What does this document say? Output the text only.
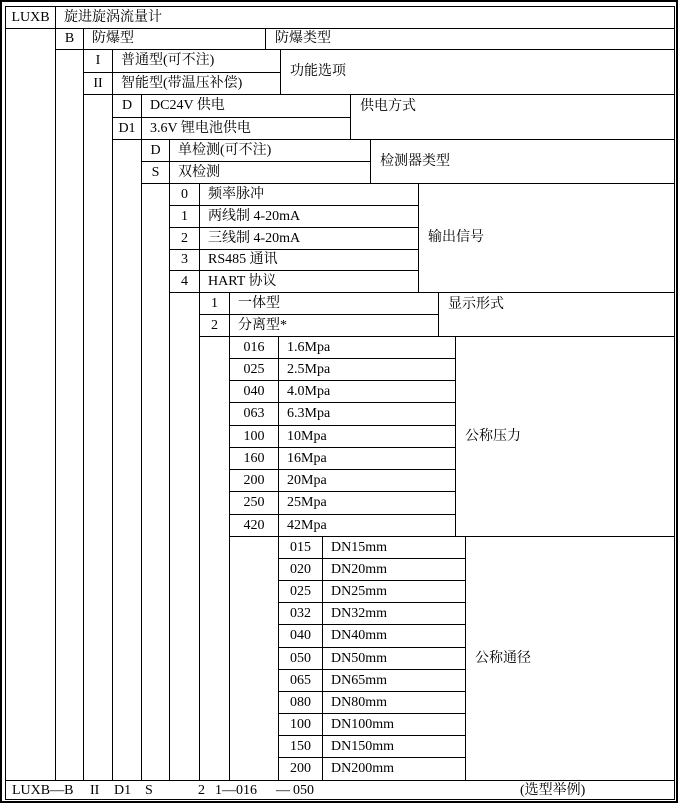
LUXB	旋进旋涡流量计
B	防爆型	防爆类型
I	普通型(可不注)
II	智能型(带温压补偿)
功能选项
D	DC24V 供电
D1	3.6V 锂电池供电
供电方式
D	单检测(可不注)
S	双检测
检测器类型
0	频率脉冲
1	两线制 4-20mA
2	三线制 4-20mA
3	RS485 通讯
4	HART 协议
输出信号
1	一体型
2	分离型*
显示形式
016	1.6Mpa
025	2.5Mpa
040	4.0Mpa
063	6.3Mpa
100	10Mpa
160	16Mpa
200	20Mpa
250	25Mpa
420	42Mpa
公称压力
015	DN15mm
020	DN20mm
025	DN25mm
032	DN32mm
040	DN40mm
050	DN50mm
065	DN65mm
080	DN80mm
100	DN100mm
150	DN150mm
200	DN200mm
公称通径
LUXB—B II D1 S	2 1—016 — 050	(选型举例)
